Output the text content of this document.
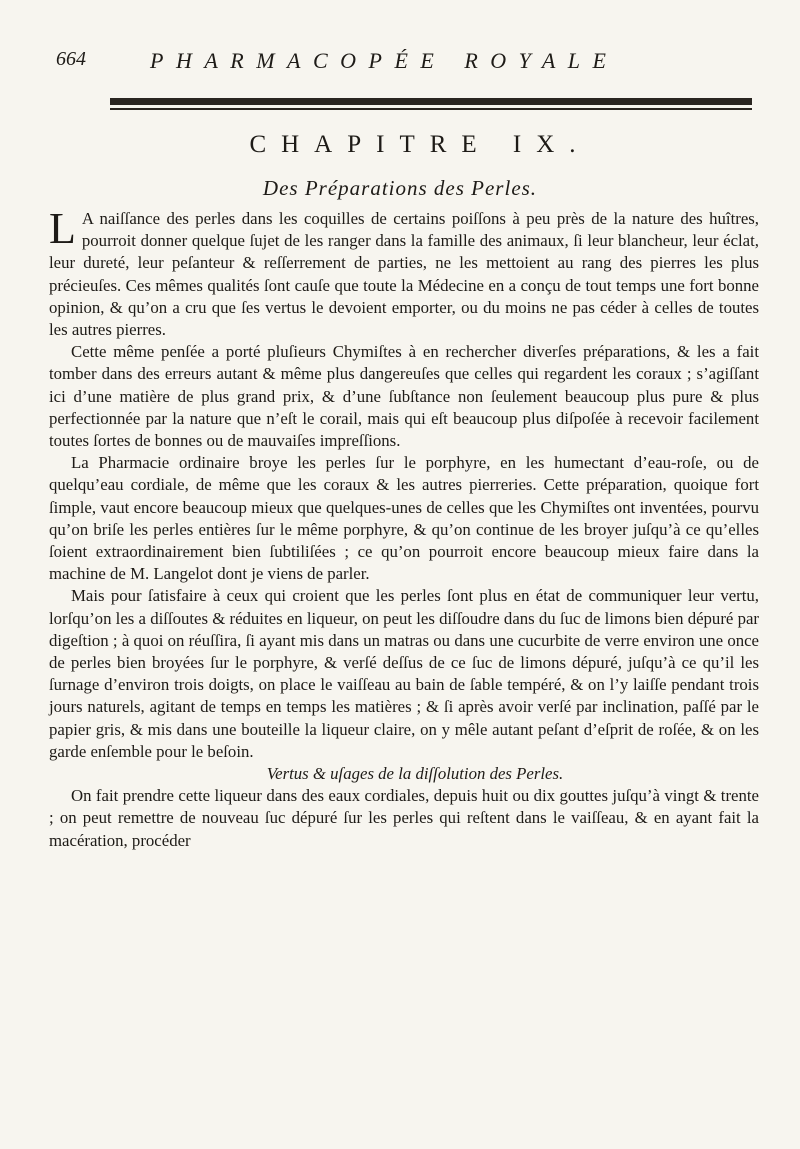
664	PHARMACOPÉE ROYALE
CHAPITRE IX.
Des Préparations des Perles.

L A naiſſance des perles dans les coquilles de certains poiſſons à peu près de la nature des huîtres, pourroit donner quelque ſujet de les ranger dans la famille des animaux, ſi leur blancheur, leur éclat, leur dureté, leur peſanteur & reſſerrement de parties, ne les mettoient au rang des pierres les plus précieuſes. Ces mêmes qualités ſont cauſe que toute la Médecine en a conçu de tout temps une fort bonne opinion, & qu’on a cru que ſes vertus le devoient emporter, ou du moins ne pas céder à celles de toutes les autres pierres.

Cette même penſée a porté pluſieurs Chymiſtes à en rechercher diverſes préparations, & les a fait tomber dans des erreurs autant & même plus dangereuſes que celles qui regardent les coraux ; s’agiſſant ici d’une matière de plus grand prix, & d’une ſubſtance non ſeulement beaucoup plus pure & plus perfectionnée par la nature que n’eſt le corail, mais qui eſt beaucoup plus diſpoſée à recevoir facilement toutes ſortes de bonnes ou de mauvaiſes impreſſions.

La Pharmacie ordinaire broye les perles ſur le porphyre, en les humectant d’eau-roſe, ou de quelqu’eau cordiale, de même que les coraux & les autres pierreries. Cette préparation, quoique fort ſimple, vaut encore beaucoup mieux que quelques-unes de celles que les Chymiſtes ont inventées, pourvu qu’on briſe les perles entières ſur le même porphyre, & qu’on continue de les broyer juſqu’à ce qu’elles ſoient extraordinairement bien ſubtiliſées ; ce qu’on pourroit encore beaucoup mieux faire dans la machine de M. Langelot dont je viens de parler.

Mais pour ſatisfaire à ceux qui croient que les perles ſont plus en état de communiquer leur vertu, lorſqu’on les a diſſoutes & réduites en liqueur, on peut les diſſoudre dans du ſuc de limons bien dépuré par digeſtion ; à quoi on réuſſira, ſi ayant mis dans un matras ou dans une cucurbite de verre environ une once de perles bien broyées ſur le porphyre, & verſé deſſus de ce ſuc de limons dépuré, juſqu’à ce qu’il les ſurnage d’environ trois doigts, on place le vaiſſeau au bain de ſable tempéré, & on l’y laiſſe pendant trois jours naturels, agitant de temps en temps les matières ; & ſi après avoir verſé par inclination, paſſé par le papier gris, & mis dans une bouteille la liqueur claire, on y mêle autant peſant d’eſprit de roſée, & on les garde enſemble pour le beſoin.

Vertus & uſages de la diſſolution des Perles.

On fait prendre cette liqueur dans des eaux cordiales, depuis huit ou dix gouttes juſqu’à vingt & trente ; on peut remettre de nouveau ſuc dépuré ſur les perles qui reſtent dans le vaiſſeau, & en ayant fait la macération, procéder
